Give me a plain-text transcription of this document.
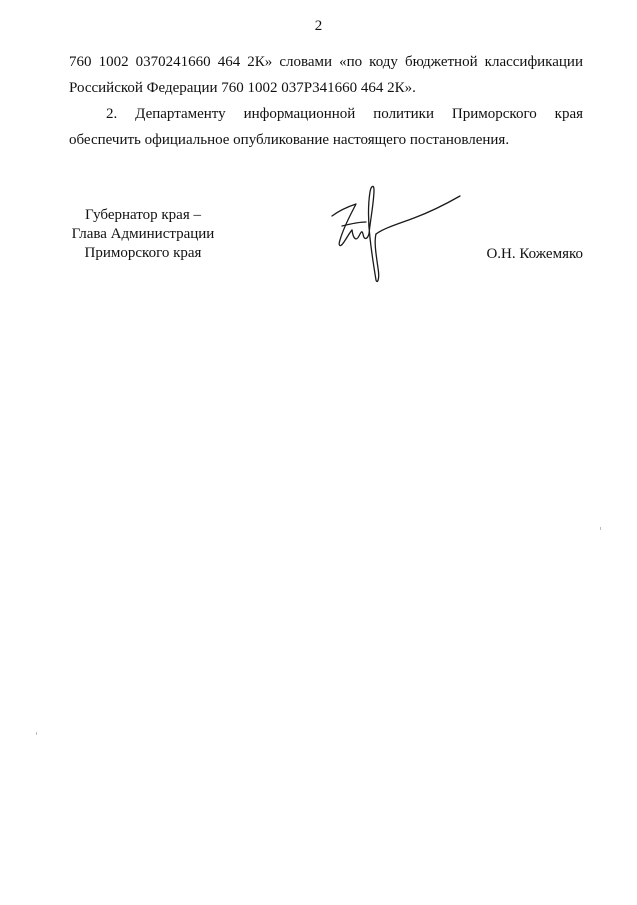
2

760 1002 0370241660 464 2К» словами «по коду бюджетной классификации
Российской Федерации 760 1002 037Р341660 464 2К».

2. Департаменту информационной политики Приморского края
обеспечить официальное опубликование настоящего постановления.

Губернатор края –
Глава Администрации
Приморского края	О.Н. Кожемяко
